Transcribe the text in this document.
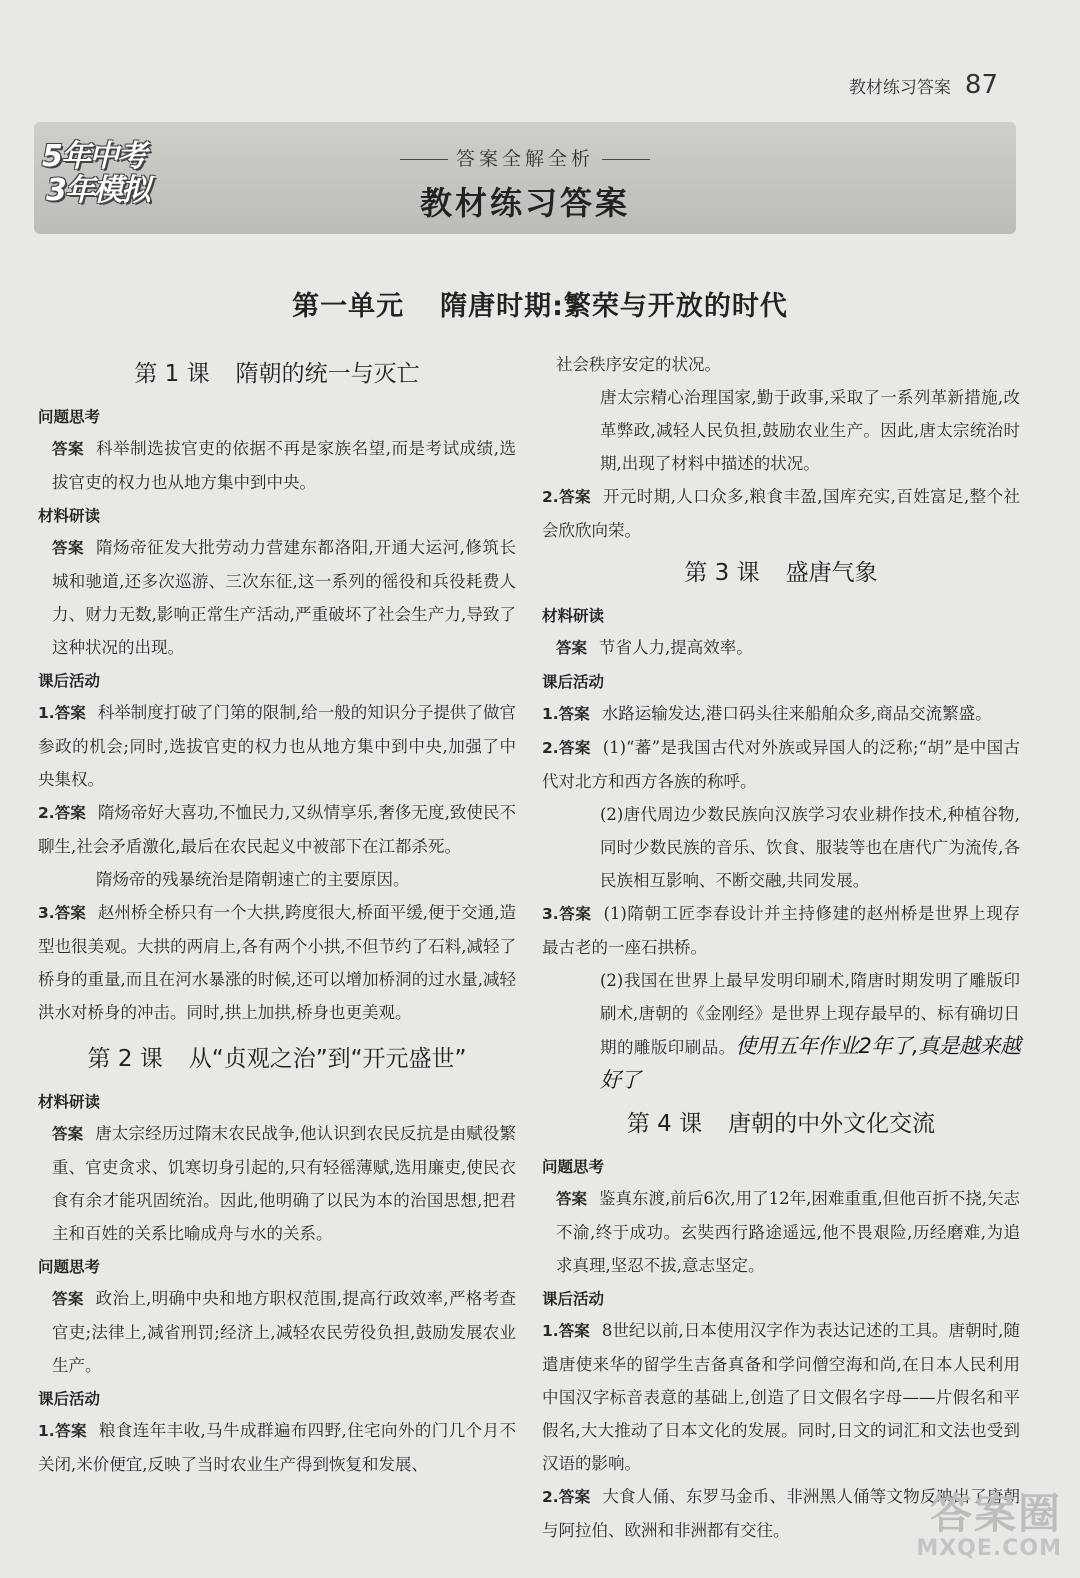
教材练习答案 87
5年中考
3年模拟
答案全解全析
教材练习答案
第一单元 隋唐时期:繁荣与开放的时代
第 1 课 隋朝的统一与灭亡
问题思考

答案 科举制选拔官吏的依据不再是家族名望,而是考试成绩,选拔官吏的权力也从地方集中到中央。

材料研读

答案 隋炀帝征发大批劳动力营建东都洛阳,开通大运河,修筑长城和驰道,还多次巡游、三次东征,这一系列的徭役和兵役耗费人力、财力无数,影响正常生产活动,严重破坏了社会生产力,导致了这种状况的出现。

课后活动

1.答案 科举制度打破了门第的限制,给一般的知识分子提供了做官参政的机会;同时,选拔官吏的权力也从地方集中到中央,加强了中央集权。

2.答案 隋炀帝好大喜功,不恤民力,又纵情享乐,奢侈无度,致使民不聊生,社会矛盾激化,最后在农民起义中被部下在江都杀死。

隋炀帝的残暴统治是隋朝速亡的主要原因。

3.答案 赵州桥全桥只有一个大拱,跨度很大,桥面平缓,便于交通,造型也很美观。大拱的两肩上,各有两个小拱,不但节约了石料,减轻了桥身的重量,而且在河水暴涨的时候,还可以增加桥洞的过水量,减轻洪水对桥身的冲击。同时,拱上加拱,桥身也更美观。

第 2 课 从“贞观之治”到“开元盛世”
材料研读

答案 唐太宗经历过隋末农民战争,他认识到农民反抗是由赋役繁重、官吏贪求、饥寒切身引起的,只有轻徭薄赋,选用廉吏,使民衣食有余才能巩固统治。因此,他明确了以民为本的治国思想,把君主和百姓的关系比喻成舟与水的关系。

问题思考

答案 政治上,明确中央和地方职权范围,提高行政效率,严格考查官吏;法律上,减省刑罚;经济上,减轻农民劳役负担,鼓励发展农业生产。

课后活动

1.答案 粮食连年丰收,马牛成群遍布四野,住宅向外的门几个月不关闭,米价便宜,反映了当时农业生产得到恢复和发展、

社会秩序安定的状况。

唐太宗精心治理国家,勤于政事,采取了一系列革新措施,改革弊政,减轻人民负担,鼓励农业生产。因此,唐太宗统治时期,出现了材料中描述的状况。

2.答案 开元时期,人口众多,粮食丰盈,国库充实,百姓富足,整个社会欣欣向荣。

第 3 课 盛唐气象
材料研读

答案 节省人力,提高效率。

课后活动

1.答案 水路运输发达,港口码头往来船舶众多,商品交流繁盛。

2.答案 (1)“蕃”是我国古代对外族或异国人的泛称;“胡”是中国古代对北方和西方各族的称呼。

(2)唐代周边少数民族向汉族学习农业耕作技术,种植谷物,同时少数民族的音乐、饮食、服装等也在唐代广为流传,各民族相互影响、不断交融,共同发展。

3.答案 (1)隋朝工匠李春设计并主持修建的赵州桥是世界上现存最古老的一座石拱桥。

(2)我国在世界上最早发明印刷术,隋唐时期发明了雕版印刷术,唐朝的《金刚经》是世界上现存最早的、标有确切日期的雕版印刷品。使用五年作业2年了,真是越来越好了

第 4 课 唐朝的中外文化交流
问题思考

答案 鉴真东渡,前后6次,用了12年,困难重重,但他百折不挠,矢志不渝,终于成功。玄奘西行路途遥远,他不畏艰险,历经磨难,为追求真理,坚忍不拔,意志坚定。

课后活动

1.答案 8世纪以前,日本使用汉字作为表达记述的工具。唐朝时,随遣唐使来华的留学生吉备真备和学问僧空海和尚,在日本人民利用中国汉字标音表意的基础上,创造了日文假名字母——片假名和平假名,大大推动了日本文化的发展。同时,日文的词汇和文法也受到汉语的影响。

2.答案 大食人俑、东罗马金币、非洲黑人俑等文物反映出了唐朝与阿拉伯、欧洲和非洲都有交往。	答案圈
MXQE.COM
